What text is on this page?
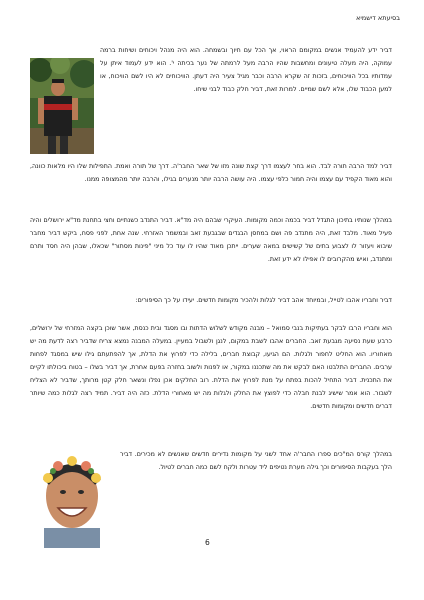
בסיעתא דישמיא

דביר ידע להעמיד אנשים במקומם הראוי, אך הכל עם חיוך ובשמחה. הוא היה מנהל ויכוחים ושיחות ברמה עמוקה, היה מעלה טיעונים ומחשבות שהיו הרבה מעל לרמתה של נער בכיתה י'. הוא ידע לעמוד איתן על עמדותיו בכל הוויכוחים, בזכות זה שקרא הרבה וכבר מגיל צעיר היה דעתן. הוויכוחים לא היו לשם הוויכוח, או למען הכבוד שלו, אלא לשם שמיים. למרות זאת, דביר חלק כבוד לבני שיחו.

דביר למד הרבה תורה לבד. הוא בחר לעצמו דרך קצת שונה מזו של שאר החבר'ה. דרך של תורה ואמת. התפילות שלו היו מלאות כוונה, והוא מאוד הקפיד עם עצמו והיה חמור כלפי עצמו. היה עושה הרבה יותר מנערים בגילו, והרבה יותר מהמצופה ממנו.

במהלך שנותיו בתיכון התגדל דביר בכמה וכמה מקומות. העיקרי שבהם היה מד"א. דביר התנדב כשנתיים וחצי בתחנת מד"א ירושלים והיה פעיל מאוד. מלבד זאת, היה מתנדב פה ושם במחסן הבגדים שבגבעת זאב ובמשמר האזרחי. שנה אחת, לפני פסח, ביקש דביר מחבר שיבוא ויעזור לו לצבוע בתים של קשישים במאה שערים. ייתכן מאוד שהיו לו עוד כל מיני "פינות מסתור" שכאלו, שבהן היה חסד ותרם ומתנדב, ואיש מהקרובים לו אפילו לא ידע זאת.

דביר וחבריו אהבו לטייל, ובמיוחד אהב דביר לגלות ולהכיר מקומות חדשים. יעידו על כך הסיפורים:

הוא וחבריו הרבו לבקר בעתיקות בנבי סמואל – מבנה מקודש לשלוש הדתות ובו מסגד ובית כנסת, אשר שוכן בקצה המזרחי של ירושלים, כרבע שעת נסיעה מגבעת זאב. החברים אהבו לשבת במקום, לנגן ולשבול במעיין. במעלה המבנה נמצא צריח שדביר רצה לדעת מה יש מאחוריו. הוא החליט לחפור ולגלות. הם הגיעו, קבוצת חברים, בלילה כדי לפרוץ את הדלת, אך להפתעתם גילו שיש במסגד לפחות ערבים. החברים התלבטו האם לבקש את מה שתכננו במקור, או לפנות ולשוב בחזרה בפעם אחרת, אך דביר בשלו – בטוח ביכולתו לקיים את התכנית. דביר התחיל להכות בפתח על מנת לפרוץ את הדלת. רוב החלקים אכן נפלו ונשאר חלק קטן מרותך, שדביר לא הצליח לשבור. הוא אמר שישיג לבנת חבלה כדי לפוצץ את החלק ולגלות מה יש מאחורי הדלת. כזה היה דביר. תמיד רצה לגלות כמה שיותר דברים חדשים ומקומות חדשים.

במהלך קורס המ"כים ספרו החבר'ה אחד לשני על מקומות נדירים חדשים שאנשים לא מכירים. דביר הלך בעקבות הסיפורים וכך גילה מערת נטיפים ליד עטרות ולקח לשם כמה חברים לטיול.

6
